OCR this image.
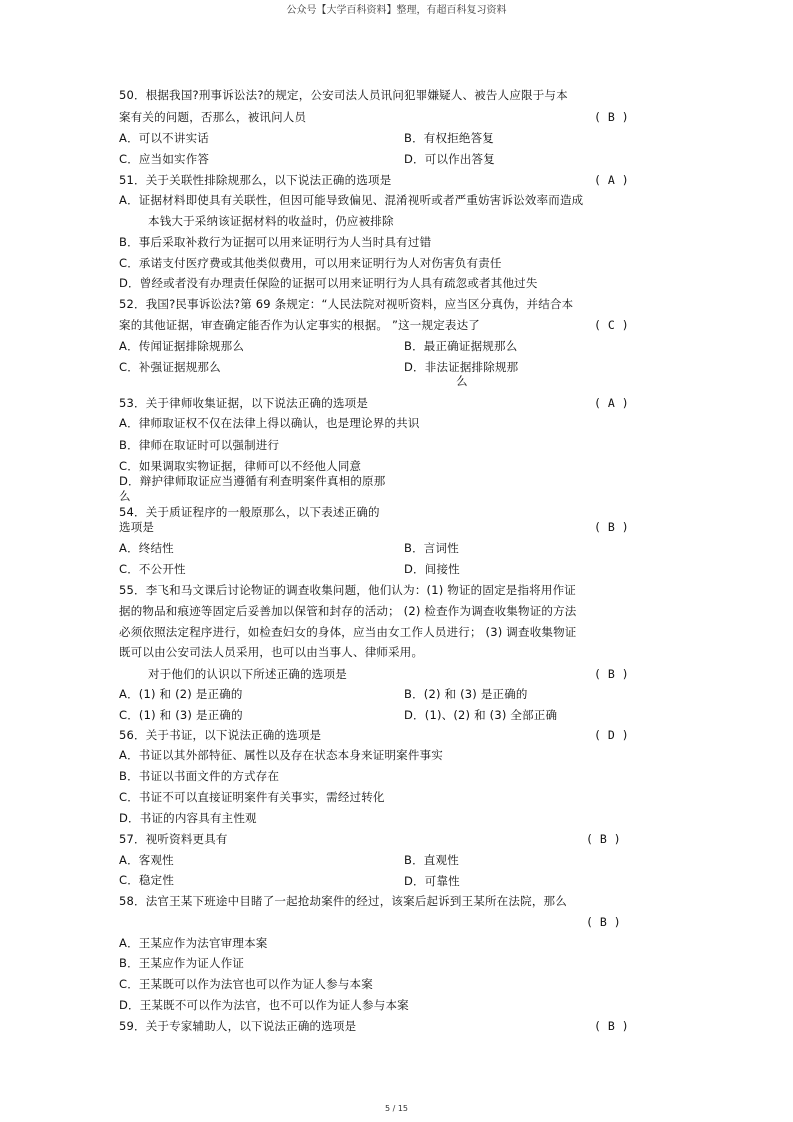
公众号【大学百科资料】整理，有超百科复习资料
50．根据我国?刑事诉讼法?的规定，公安司法人员讯问犯罪嫌疑人、被告人应限于与本
案有关的问题，否那么，被讯问人员	( B )
A．可以不讲实话	B．有权拒绝答复
C．应当如实作答	D．可以作出答复
51．关于关联性排除规那么，以下说法正确的选项是	( A )
A．证据材料即使具有关联性，但因可能导致偏见、混淆视听或者严重妨害诉讼效率而造成
本钱大于采纳该证据材料的收益时，仍应被排除
B．事后采取补救行为证据可以用来证明行为人当时具有过错
C．承诺支付医疗费或其他类似费用，可以用来证明行为人对伤害负有责任
D．曾经或者没有办理责任保险的证据可以用来证明行为人具有疏忽或者其他过失
52．我国?民事诉讼法?第 69 条规定：“人民法院对视听资料，应当区分真伪，并结合本
案的其他证据，审查确定能否作为认定事实的根据。 ”这一规定表达了	( C )
A．传闻证据排除规那么	B．最正确证据规那么
C．补强证据规那么	D．非法证据排除规那
么
53．关于律师收集证据，以下说法正确的选项是	( A )
A．律师取证权不仅在法律上得以确认，也是理论界的共识
B．律师在取证时可以强制进行
C．如果调取实物证据，律师可以不经他人同意
D．辩护律师取证应当遵循有利查明案件真相的原那
么
54．关于质证程序的一般原那么，以下表述正确的
选项是	( B )
A．终结性	B．言词性
C．不公开性	D．间接性
55．李飞和马文课后讨论物证的调查收集问题，他们认为：(1) 物证的固定是指将用作证
据的物品和痕迹等固定后妥善加以保管和封存的活动； (2) 检查作为调查收集物证的方法
必须依照法定程序进行，如检查妇女的身体，应当由女工作人员进行； (3) 调查收集物证
既可以由公安司法人员采用，也可以由当事人、律师采用。
对于他们的认识以下所述正确的选项是	( B )
A．(1) 和 (2) 是正确的	B．(2) 和 (3) 是正确的
C．(1) 和 (3) 是正确的	D．(1)、(2) 和 (3) 全部正确
56．关于书证，以下说法正确的选项是	( D )
A．书证以其外部特征、属性以及存在状态本身来证明案件事实
B．书证以书面文件的方式存在
C．书证不可以直接证明案件有关事实，需经过转化
D．书证的内容具有主性观
57．视听资料更具有	( B )
A．客观性	B．直观性
C．稳定性	D．可靠性
58．法官王某下班途中目睹了一起抢劫案件的经过，该案后起诉到王某所在法院，那么
( B )
A．王某应作为法官审理本案
B．王某应作为证人作证
C．王某既可以作为法官也可以作为证人参与本案
D．王某既不可以作为法官，也不可以作为证人参与本案
59．关于专家辅助人，以下说法正确的选项是	( B )
5 / 15
